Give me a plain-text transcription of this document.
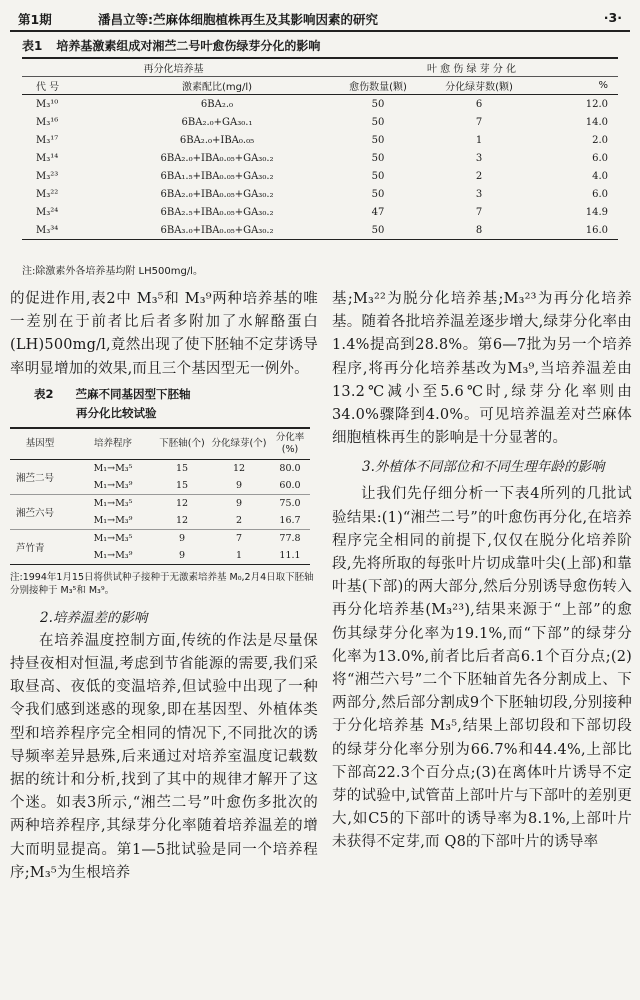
第1期	潘昌立等:苎麻体细胞植株再生及其影响因素的研究	·3·
表1 培养基激素组成对湘苎二号叶愈伤绿芽分化的影响
再分化培养基		叶 愈 伤 绿 芽 分 化		
代 号	激素配比(mg/l)	愈伤数量(颗)	分化绿芽数(颗)	%
M₃¹⁰	6BA₂.₀	50	6	12.0
M₃¹⁶	6BA₂.₀+GA₃₀.₁	50	7	14.0
M₃¹⁷	6BA₂.₀+IBA₀.₀₅	50	1	2.0
M₃¹⁴	6BA₂.₀+IBA₀.₀₅+GA₃₀.₂	50	3	6.0
M₃²³	6BA₁.₅+IBA₀.₀₅+GA₃₀.₂	50	2	4.0
M₃²²	6BA₂.₀+IBA₀.₀₅+GA₃₀.₂	50	3	6.0
M₃²⁴	6BA₂.₅+IBA₀.₀₅+GA₃₀.₂	47	7	14.9
M₃³⁴	6BA₃.₀+IBA₀.₀₅+GA₃₀.₂	50	8	16.0
注:除激素外各培养基均附 LH500mg/l。

的促进作用,表2中 M₃⁵和 M₃⁹两种培养基的唯一差别在于前者比后者多附加了水解酪蛋白(LH)500mg/l,竟然出现了使下胚轴不定芽诱导率明显增加的效果,而且三个基因型无一例外。

表2 苎麻不同基因型下胚轴
再分化比较试验
基因型	培养程序	下胚轴(个)	分化绿芽(个)	分化率(%)
湘苎二号	M₁→M₃⁵	15	12	80.0
	M₁→M₃⁹	15	9	60.0
湘苎六号	M₁→M₃⁵	12	9	75.0
	M₁→M₃⁹	12	2	16.7
芦竹青	M₁→M₃⁵	9	7	77.8
	M₁→M₃⁹	9	1	11.1
注:1994年1月15日将供试种子接种于无激素培养基 M₀,2月4日取下胚轴分别接种于 M₃⁵和 M₃⁹。

2.培养温差的影响

在培养温度控制方面,传统的作法是尽量保持昼夜相对恒温,考虑到节省能源的需要,我们采取昼高、夜低的变温培养,但试验中出现了一种令我们感到迷惑的现象,即在基因型、外植体类型和培养程序完全相同的情况下,不同批次的诱导频率差异悬殊,后来通过对培养室温度记载数据的统计和分析,找到了其中的规律才解开了这个迷。如表3所示,“湘苎二号”叶愈伤多批次的两种培养程序,其绿芽分化率随着培养温差的增大而明显提高。第1—5批试验是同一个培养程序;M₃⁵为生根培养

基;M₃²²为脱分化培养基;M₃²³为再分化培养基。随着各批培养温差逐步增大,绿芽分化率由1.4%提高到28.8%。第6—7批为另一个培养程序,将再分化培养基改为M₃⁹,当培养温差由13.2℃减小至5.6℃时,绿芽分化率则由34.0%骤降到4.0%。可见培养温差对苎麻体细胞植株再生的影响是十分显著的。

3.外植体不同部位和不同生理年龄的影响

让我们先仔细分析一下表4所列的几批试验结果:(1)“湘苎二号”的叶愈伤再分化,在培养程序完全相同的前提下,仅仅在脱分化培养阶段,先将所取的每张叶片切成靠叶尖(上部)和靠叶基(下部)的两大部分,然后分别诱导愈伤转入再分化培养基(M₃²³),结果来源于“上部”的愈伤其绿芽分化率为19.1%,而“下部”的绿芽分化率为13.0%,前者比后者高6.1个百分点;(2)将“湘苎六号”二个下胚轴首先各分割成上、下两部分,然后部分割成9个下胚轴切段,分别接种于分化培养基 M₃⁵,结果上部切段和下部切段的绿芽分化率分别为66.7%和44.4%,上部比下部高22.3个百分点;(3)在离体叶片诱导不定芽的试验中,试管苗上部叶片与下部叶的差别更大,如C5的下部叶的诱导率为8.1%,上部叶片未获得不定芽,而 Q8的下部叶片的诱导率
